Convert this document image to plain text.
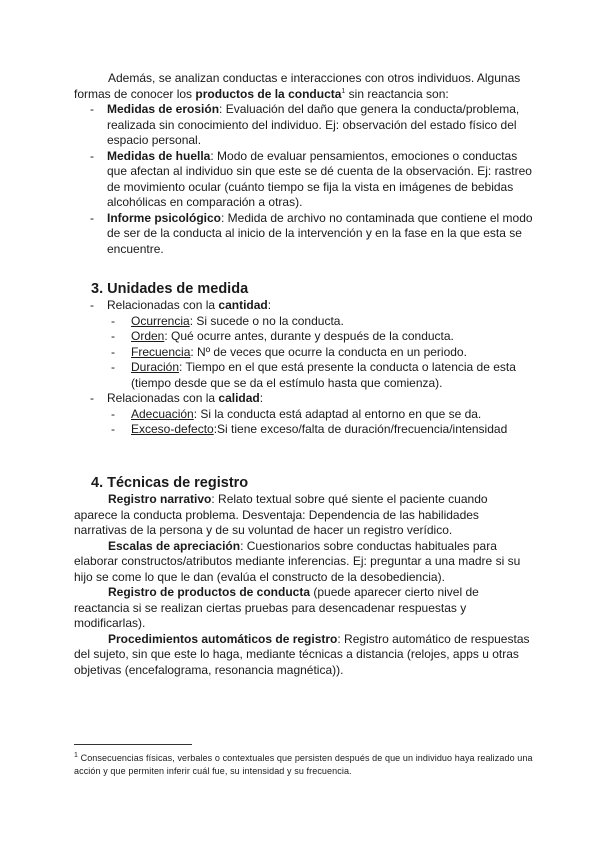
Además, se analizan conductas e interacciones con otros individuos. Algunas formas de conocer los productos de la conducta$^1$ sin reactancia son:

- Medidas de erosión: Evaluación del daño que genera la conducta/problema, realizada sin conocimiento del individuo. Ej: observación del estado físico del espacio personal.
- Medidas de huella: Modo de evaluar pensamientos, emociones o conductas que afectan al individuo sin que este se dé cuenta de la observación. Ej: rastreo de movimiento ocular (cuánto tiempo se fija la vista en imágenes de bebidas alcohólicas en comparación a otras).
- Informe psicológico: Medida de archivo no contaminada que contiene el modo de ser de la conducta al inicio de la intervención y en la fase en la que esta se encuentre.
3. Unidades de medida
- Relacionadas con la cantidad:
- Ocurrencia: Si sucede o no la conducta.
- Orden: Qué ocurre antes, durante y después de la conducta.
- Frecuencia: Nº de veces que ocurre la conducta en un periodo.
- Duración: Tiempo en el que está presente la conducta o latencia de esta (tiempo desde que se da el estímulo hasta que comienza).
- Relacionadas con la calidad:
- Adecuación: Si la conducta está adaptad al entorno en que se da.
- Exceso-defecto:Si tiene exceso/falta de duración/frecuencia/intensidad
4. Técnicas de registro

Registro narrativo: Relato textual sobre qué siente el paciente cuando aparece la conducta problema. Desventaja: Dependencia de las habilidades narrativas de la persona y de su voluntad de hacer un registro verídico.

Escalas de apreciación: Cuestionarios sobre conductas habituales para elaborar constructos/atributos mediante inferencias. Ej: preguntar a una madre si su hijo se come lo que le dan (evalúa el constructo de la desobediencia).

Registro de productos de conducta (puede aparecer cierto nivel de reactancia si se realizan ciertas pruebas para desencadenar respuestas y modificarlas).

Procedimientos automáticos de registro: Registro automático de respuestas del sujeto, sin que este lo haga, mediante técnicas a distancia (relojes, apps u otras objetivas (encefalograma, resonancia magnética)).

$^1$ Consecuencias físicas, verbales o contextuales que persisten después de que un individuo haya realizado una acción y que permiten inferir cuál fue, su intensidad y su frecuencia.
